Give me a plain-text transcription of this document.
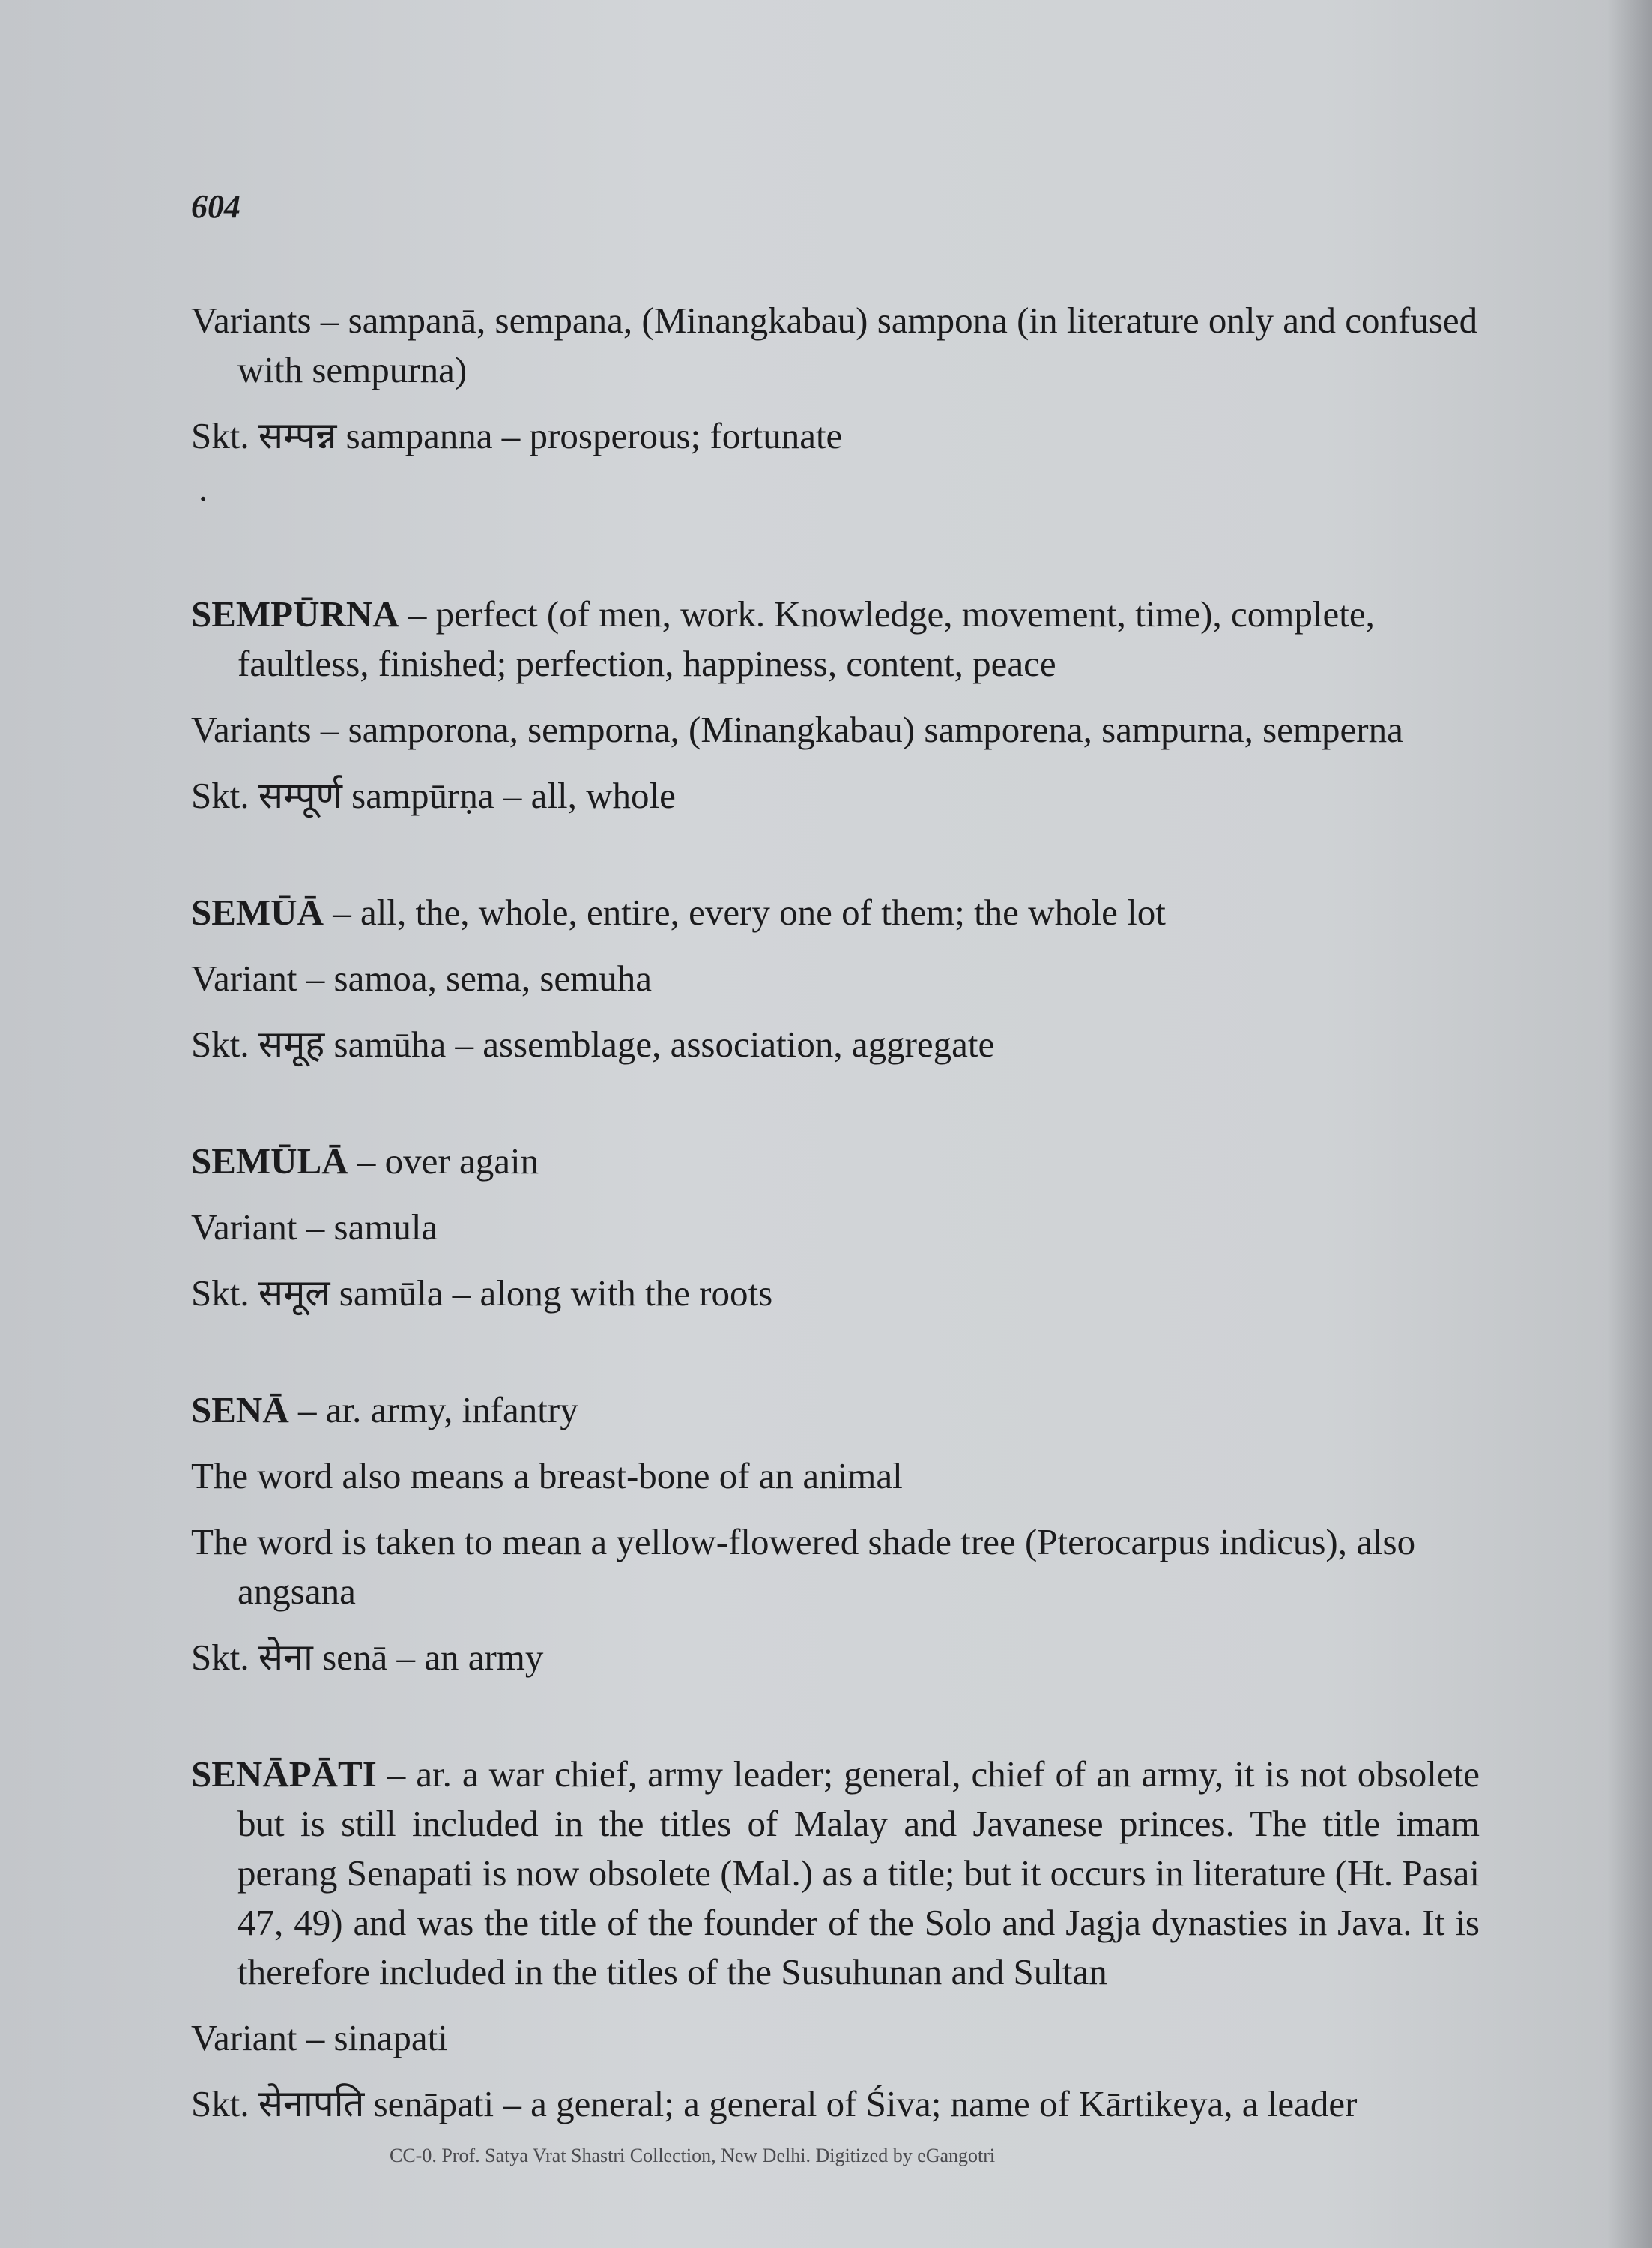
604

Variants – sampanā, sempana, (Minangkabau) sampona (in literature only and confused with sempurna)

Skt. सम्पन्न sampanna – prosperous; fortunate

.

SEMPŪRNA – perfect (of men, work. Knowledge, movement, time), complete, faultless, finished; perfection, happiness, content, peace

Variants – samporona, semporna, (Minangkabau) samporena, sampurna, semperna

Skt. सम्पूर्ण sampūrṇa – all, whole

SEMŪĀ – all, the, whole, entire, every one of them; the whole lot

Variant – samoa, sema, semuha

Skt. समूह samūha – assemblage, association, aggregate

SEMŪLĀ – over again

Variant – samula

Skt. समूल samūla – along with the roots

SENĀ – ar. army, infantry

The word also means a breast-bone of an animal

The word is taken to mean a yellow-flowered shade tree (Pterocarpus indicus), also angsana

Skt. सेना senā – an army

SENĀPĀTI – ar. a war chief, army leader; general, chief of an army, it is not obsolete but is still included in the titles of Malay and Javanese princes. The title imam perang Senapati is now obsolete (Mal.) as a title; but it occurs in literature (Ht. Pasai 47, 49) and was the title of the founder of the Solo and Jagja dynasties in Java. It is therefore included in the titles of the Susuhunan and Sultan

Variant – sinapati

Skt. सेनापति senāpati – a general; a general of Śiva; name of Kārtikeya, a leader

CC-0. Prof. Satya Vrat Shastri Collection, New Delhi. Digitized by eGangotri
